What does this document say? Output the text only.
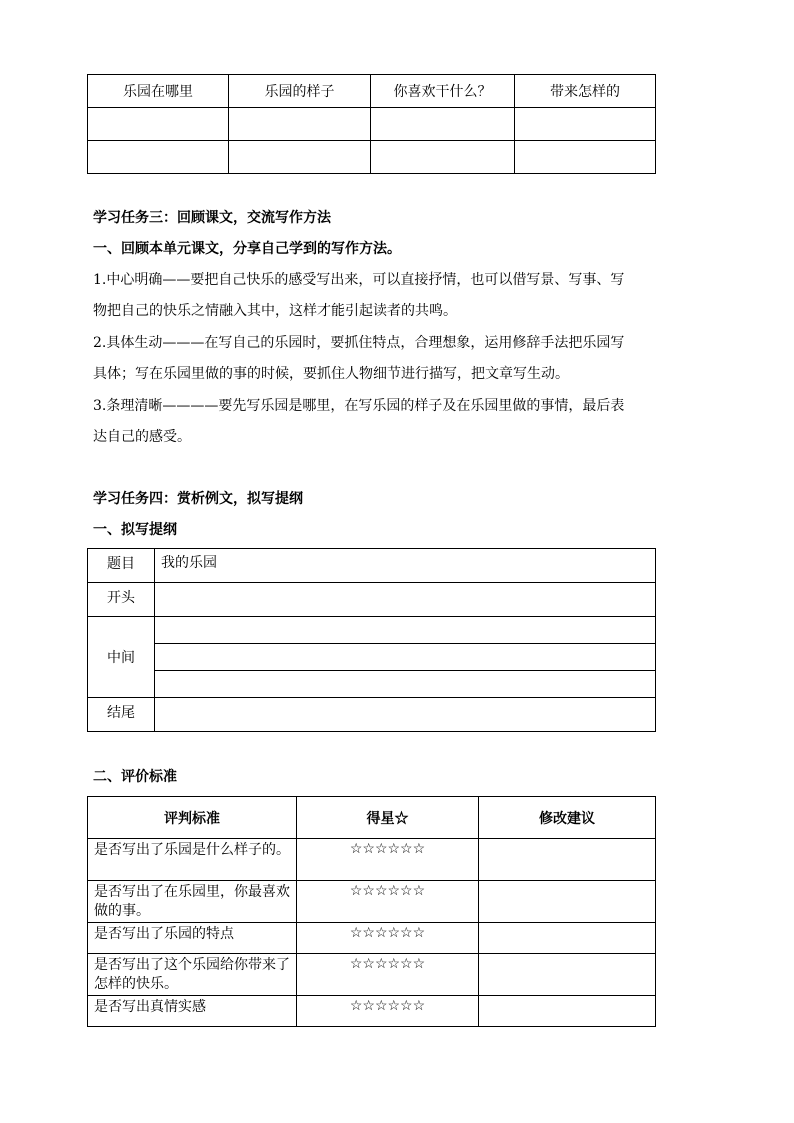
乐园在哪里	乐园的样子	你喜欢干什么？	带来怎样的

学习任务三：回顾课文，交流写作方法
一、回顾本单元课文，分享自己学到的写作方法。
1.中心明确——要把自己快乐的感受写出来，可以直接抒情，也可以借写景、写事、写
物把自己的快乐之情融入其中，这样才能引起读者的共鸣。
2.具体生动———在写自己的乐园时，要抓住特点，合理想象，运用修辞手法把乐园写
具体；写在乐园里做的事的时候，要抓住人物细节进行描写，把文章写生动。
3.条理清晰————要先写乐园是哪里，在写乐园的样子及在乐园里做的事情，最后表
达自己的感受。
学习任务四：赏析例文，拟写提纲
一、拟写提纲
题目	我的乐园
开头	
中间	

结尾	
二、评价标准
评判标准	得星☆	修改建议
是否写出了乐园是什么样子的。	☆☆☆☆☆☆	
是否写出了在乐园里，你最喜欢做的事。	☆☆☆☆☆☆	
是否写出了乐园的特点	☆☆☆☆☆☆	
是否写出了这个乐园给你带来了怎样的快乐。	☆☆☆☆☆☆	
是否写出真情实感	☆☆☆☆☆☆	
